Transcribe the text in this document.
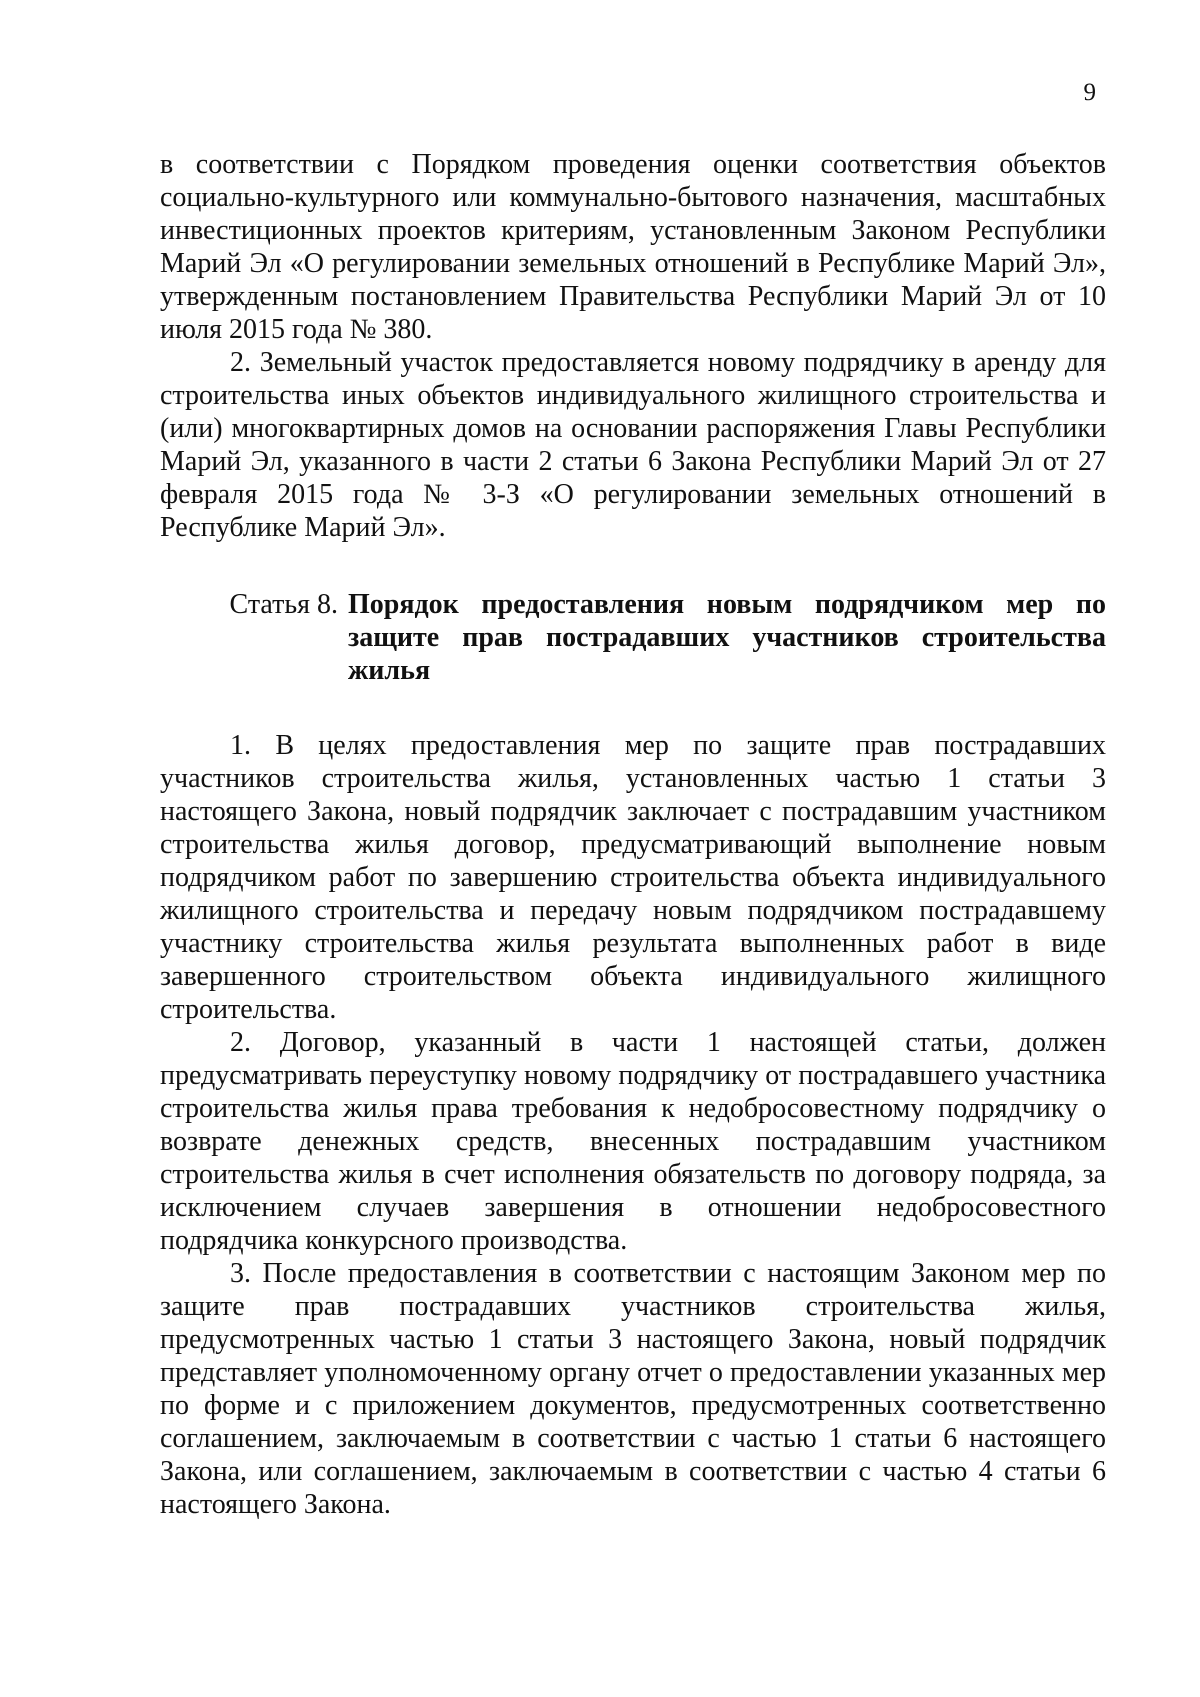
9

в соответствии с Порядком проведения оценки соответствия объектов социально-культурного или коммунально-бытового назначения, масштабных инвестиционных проектов критериям, установленным Законом Республики Марий Эл «О регулировании земельных отношений в Республике Марий Эл», утвержденным постановлением Правительства Республики Марий Эл от 10 июля 2015 года № 380.

2. Земельный участок предоставляется новому подрядчику в аренду для строительства иных объектов индивидуального жилищного строительства и (или) многоквартирных домов на основании распоряжения Главы Республики Марий Эл, указанного в части 2 статьи 6 Закона Республики Марий Эл от 27 февраля 2015 года № 3-З «О регулировании земельных отношений в Республике Марий Эл».

Статья 8. Порядок предоставления новым подрядчиком мер по защите прав пострадавших участников строительства жилья

1. В целях предоставления мер по защите прав пострадавших участников строительства жилья, установленных частью 1 статьи 3 настоящего Закона, новый подрядчик заключает с пострадавшим участником строительства жилья договор, предусматривающий выполнение новым подрядчиком работ по завершению строительства объекта индивидуального жилищного строительства и передачу новым подрядчиком пострадавшему участнику строительства жилья результата выполненных работ в виде завершенного строительством объекта индивидуального жилищного строительства.

2. Договор, указанный в части 1 настоящей статьи, должен предусматривать переуступку новому подрядчику от пострадавшего участника строительства жилья права требования к недобросовестному подрядчику о возврате денежных средств, внесенных пострадавшим участником строительства жилья в счет исполнения обязательств по договору подряда, за исключением случаев завершения в отношении недобросовестного подрядчика конкурсного производства.

3. После предоставления в соответствии с настоящим Законом мер по защите прав пострадавших участников строительства жилья, предусмотренных частью 1 статьи 3 настоящего Закона, новый подрядчик представляет уполномоченному органу отчет о предоставлении указанных мер по форме и с приложением документов, предусмотренных соответственно соглашением, заключаемым в соответствии с частью 1 статьи 6 настоящего Закона, или соглашением, заключаемым в соответствии с частью 4 статьи 6 настоящего Закона.
